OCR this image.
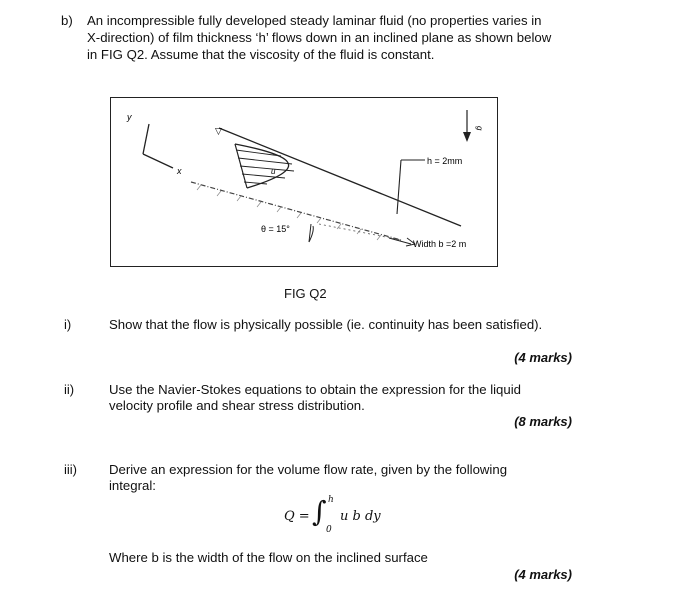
b) An incompressible fully developed steady laminar fluid (no properties varies in
X-direction) of film thickness ‘h’ flows down in an inclined plane as shown below
in FIG Q2. Assume that the viscosity of the fluid is constant.
y
x	u
▽
h = 2mm
g
θ = 15°
Width b =2 m
FIG Q2
i)	Show that the flow is physically possible (ie. continuity has been satisfied).
(4 marks)
ii)	Use the Navier-Stokes equations to obtain the expression for the liquid
velocity profile and shear stress distribution.
(8 marks)
iii) Derive an expression for the volume flow rate, given by the following
integral:
Q = ∫ h
0
u b dy
Where b is the width of the flow on the inclined surface
(4 marks)
